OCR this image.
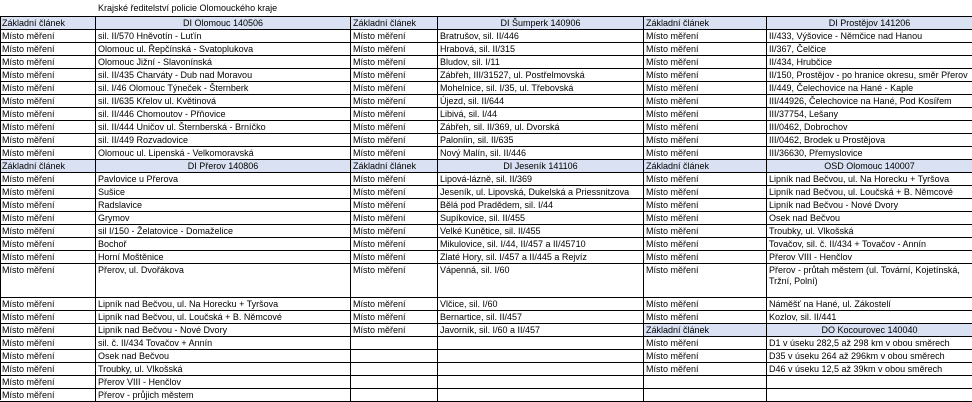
Krajské ředitelství policie Olomouckého kraje
Základní článek	DI Olomouc 140506
Místo měření	sil. II/570 Hněvotín - Luťín
Místo měření	Olomouc ul. Řepčínská - Svatoplukova
Místo měření	Olomouc Jižní - Slavonínská
Místo měření	sil. II/435 Charváty - Dub nad Moravou
Místo měření	sil. I/46 Olomouc Týneček - Šternberk
Místo měření	sil. II/635 Křelov ul. Květinová
Místo měření	sil. II/446 Chomoutov - Přňovice
Místo měření	sil. II/444 Uničov ul. Šternberská - Brníčko
Místo měření	sil. II/449 Rozvadovice
Místo měření	Olomouc ul. Lipenská - Velkomoravská
Základní článek	DI Šumperk 140906
Místo měření	Bratrušov, sil. II/446
Místo měření	Hrabová, sil. II/315
Místo měření	Bludov, sil. I/11
Místo měření	Zábřeh, III/31527, ul. Postřelmovská
Místo měření	Mohelnice, sil. I/35, ul. Třebovská
Místo měření	Újezd, sil. II/644
Místo měření	Libivá, sil. I/44
Místo měření	Zábřeh, sil. II/369, ul. Dvorská
Místo měření	Paloníin, sil. II/635
Místo měření	Nový Malín, sil. II/446
Základní článek	DI Prostějov 141206
Místo měření	II/433, Výšovice - Němčice nad Hanou
Místo měření	II/367, Čelčice
Místo měření	II/434, Hrubčice
Místo měření	II/150, Prostějov - po hranice okresu, směr Přerov
Místo měření	II/449, Čelechovice na Hané - Kaple
Místo měření	III/44926, Čelechovice na Hané, Pod Kosířem
Místo měření	III/37754, Lešany
Místo měření	III/0462, Dobrochov
Místo měření	III/0462, Brodek u Prostějova
Místo měření	III/36630, Přemyslovice
Základní článek	DI Přerov 140806
Místo měření	Pavlovice u Přerova
Místo měření	Sušice
Místo měření	Radslavice
Místo měření	Grymov
Místo měření	sil I/150 - Želatovice - Domaželice
Místo měření	Bochoř
Místo měření	Horní Moštěnice
Místo měření	Přerov, ul. Dvořákova
Místo měření	Lipník nad Bečvou, ul. Na Horecku + Tyršova
Místo měření	Lipník nad Bečvou, ul. Loučská + B. Němcové
Místo měření	Lipník nad Bečvou - Nové Dvory
Místo měření	sil. č. II/434 Tovačov + Annín
Místo měření	Osek nad Bečvou
Místo měření	Troubky, ul. Vlkošská
Místo měření	Přerov VIII - Henčlov
Místo měření	Přerov - průjich městem
Základní článek	DI Jeseník 141106
Místo měření	Lipová-lázně, sil. II/369
Místo měření	Jeseník, ul. Lipovská, Dukelská a Priessnitzova
Místo měření	Bělá pod Pradědem, sil. I/44
Místo měření	Supíkovice, sil. II/455
Místo měření	Velké Kunětice, sil. II/455
Místo měření	Mikulovice, sil. I/44, II/457 a II/45710
Místo měření	Zlaté Hory, sil. I/457 a II/445 a Rejvíz
Místo měření	Vápenná, sil. I/60
Místo měření	Vlčice, sil. I/60
Místo měření	Bernartice, sil. II/457
Místo měření	Javorník, sil. I/60 a II/457
Základní článek	OSD Olomouc 140007
Místo měření	Lipník nad Bečvou, ul. Na Horecku + Tyršova
Místo měření	Lipník nad Bečvou, ul. Loučská + B. Němcové
Místo měření	Lipník nad Bečvou - Nové Dvory
Místo měření	Osek nad Bečvou
Místo měření	Troubky, ul. Vlkošská
Místo měření	Tovačov, sil. č. II/434 + Tovačov - Annín
Místo měření	Přerov VIII - Henčlov
Místo měření	Přerov - průtah městem (ul. Tovární, Kojetínská, Tržní, Polní)
Místo měření	Náměšť na Hané, ul. Zákostelí
Místo měření	Kozlov, sil. II/441
Základní článek	DO Kocourovec 140040
Místo měření	D1 v úseku 282,5 až 298 km v obou směrech
Místo měření	D35 v úseku 264 až 296km v obou směrech
Místo měření	D46 v úseku 12,5 až 39km v obou směrech
